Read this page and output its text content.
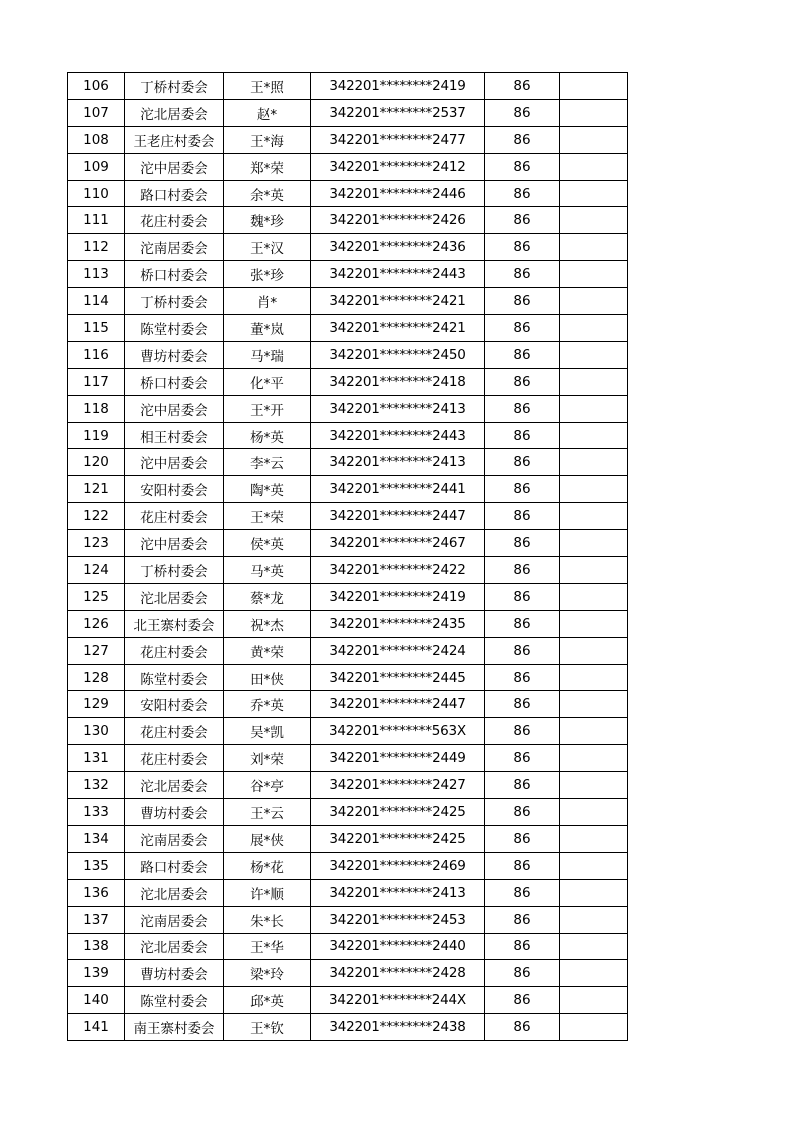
106	丁桥村委会	王*照	342201********2419	86	
107	沱北居委会	赵*	342201********2537	86	
108	王老庄村委会	王*海	342201********2477	86	
109	沱中居委会	郑*荣	342201********2412	86	
110	路口村委会	余*英	342201********2446	86	
111	花庄村委会	魏*珍	342201********2426	86	
112	沱南居委会	王*汉	342201********2436	86	
113	桥口村委会	张*珍	342201********2443	86	
114	丁桥村委会	肖*	342201********2421	86	
115	陈堂村委会	董*岚	342201********2421	86	
116	曹坊村委会	马*瑞	342201********2450	86	
117	桥口村委会	化*平	342201********2418	86	
118	沱中居委会	王*开	342201********2413	86	
119	相王村委会	杨*英	342201********2443	86	
120	沱中居委会	李*云	342201********2413	86	
121	安阳村委会	陶*英	342201********2441	86	
122	花庄村委会	王*荣	342201********2447	86	
123	沱中居委会	侯*英	342201********2467	86	
124	丁桥村委会	马*英	342201********2422	86	
125	沱北居委会	蔡*龙	342201********2419	86	
126	北王寨村委会	祝*杰	342201********2435	86	
127	花庄村委会	黄*荣	342201********2424	86	
128	陈堂村委会	田*侠	342201********2445	86	
129	安阳村委会	乔*英	342201********2447	86	
130	花庄村委会	吴*凯	342201********563X	86	
131	花庄村委会	刘*荣	342201********2449	86	
132	沱北居委会	谷*亭	342201********2427	86	
133	曹坊村委会	王*云	342201********2425	86	
134	沱南居委会	展*侠	342201********2425	86	
135	路口村委会	杨*花	342201********2469	86	
136	沱北居委会	许*顺	342201********2413	86	
137	沱南居委会	朱*长	342201********2453	86	
138	沱北居委会	王*华	342201********2440	86	
139	曹坊村委会	梁*玲	342201********2428	86	
140	陈堂村委会	邱*英	342201********244X	86	
141	南王寨村委会	王*钦	342201********2438	86	
